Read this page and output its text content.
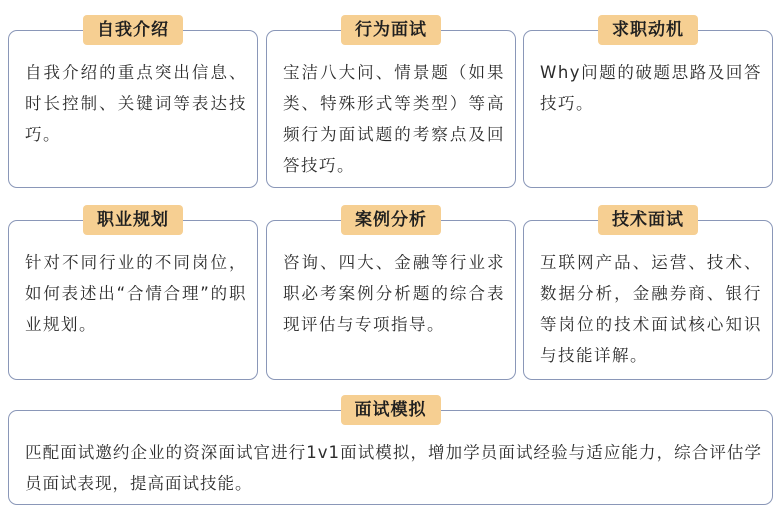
自我介绍
自我介绍的重点突出信息、时长控制、关键词等表达技巧。
行为面试
宝洁八大问、情景题（如果类、特殊形式等类型）等高频行为面试题的考察点及回答技巧。
求职动机
Why问题的破题思路及回答技巧。
职业规划
针对不同行业的不同岗位，如何表述出“合情合理”的职业规划。
案例分析
咨询、四大、金融等行业求职必考案例分析题的综合表现评估与专项指导。
技术面试
互联网产品、运营、技术、数据分析，金融券商、银行等岗位的技术面试核心知识与技能详解。
面试模拟
匹配面试邀约企业的资深面试官进行1v1面试模拟，增加学员面试经验与适应能力，综合评估学员面试表现，提高面试技能。
